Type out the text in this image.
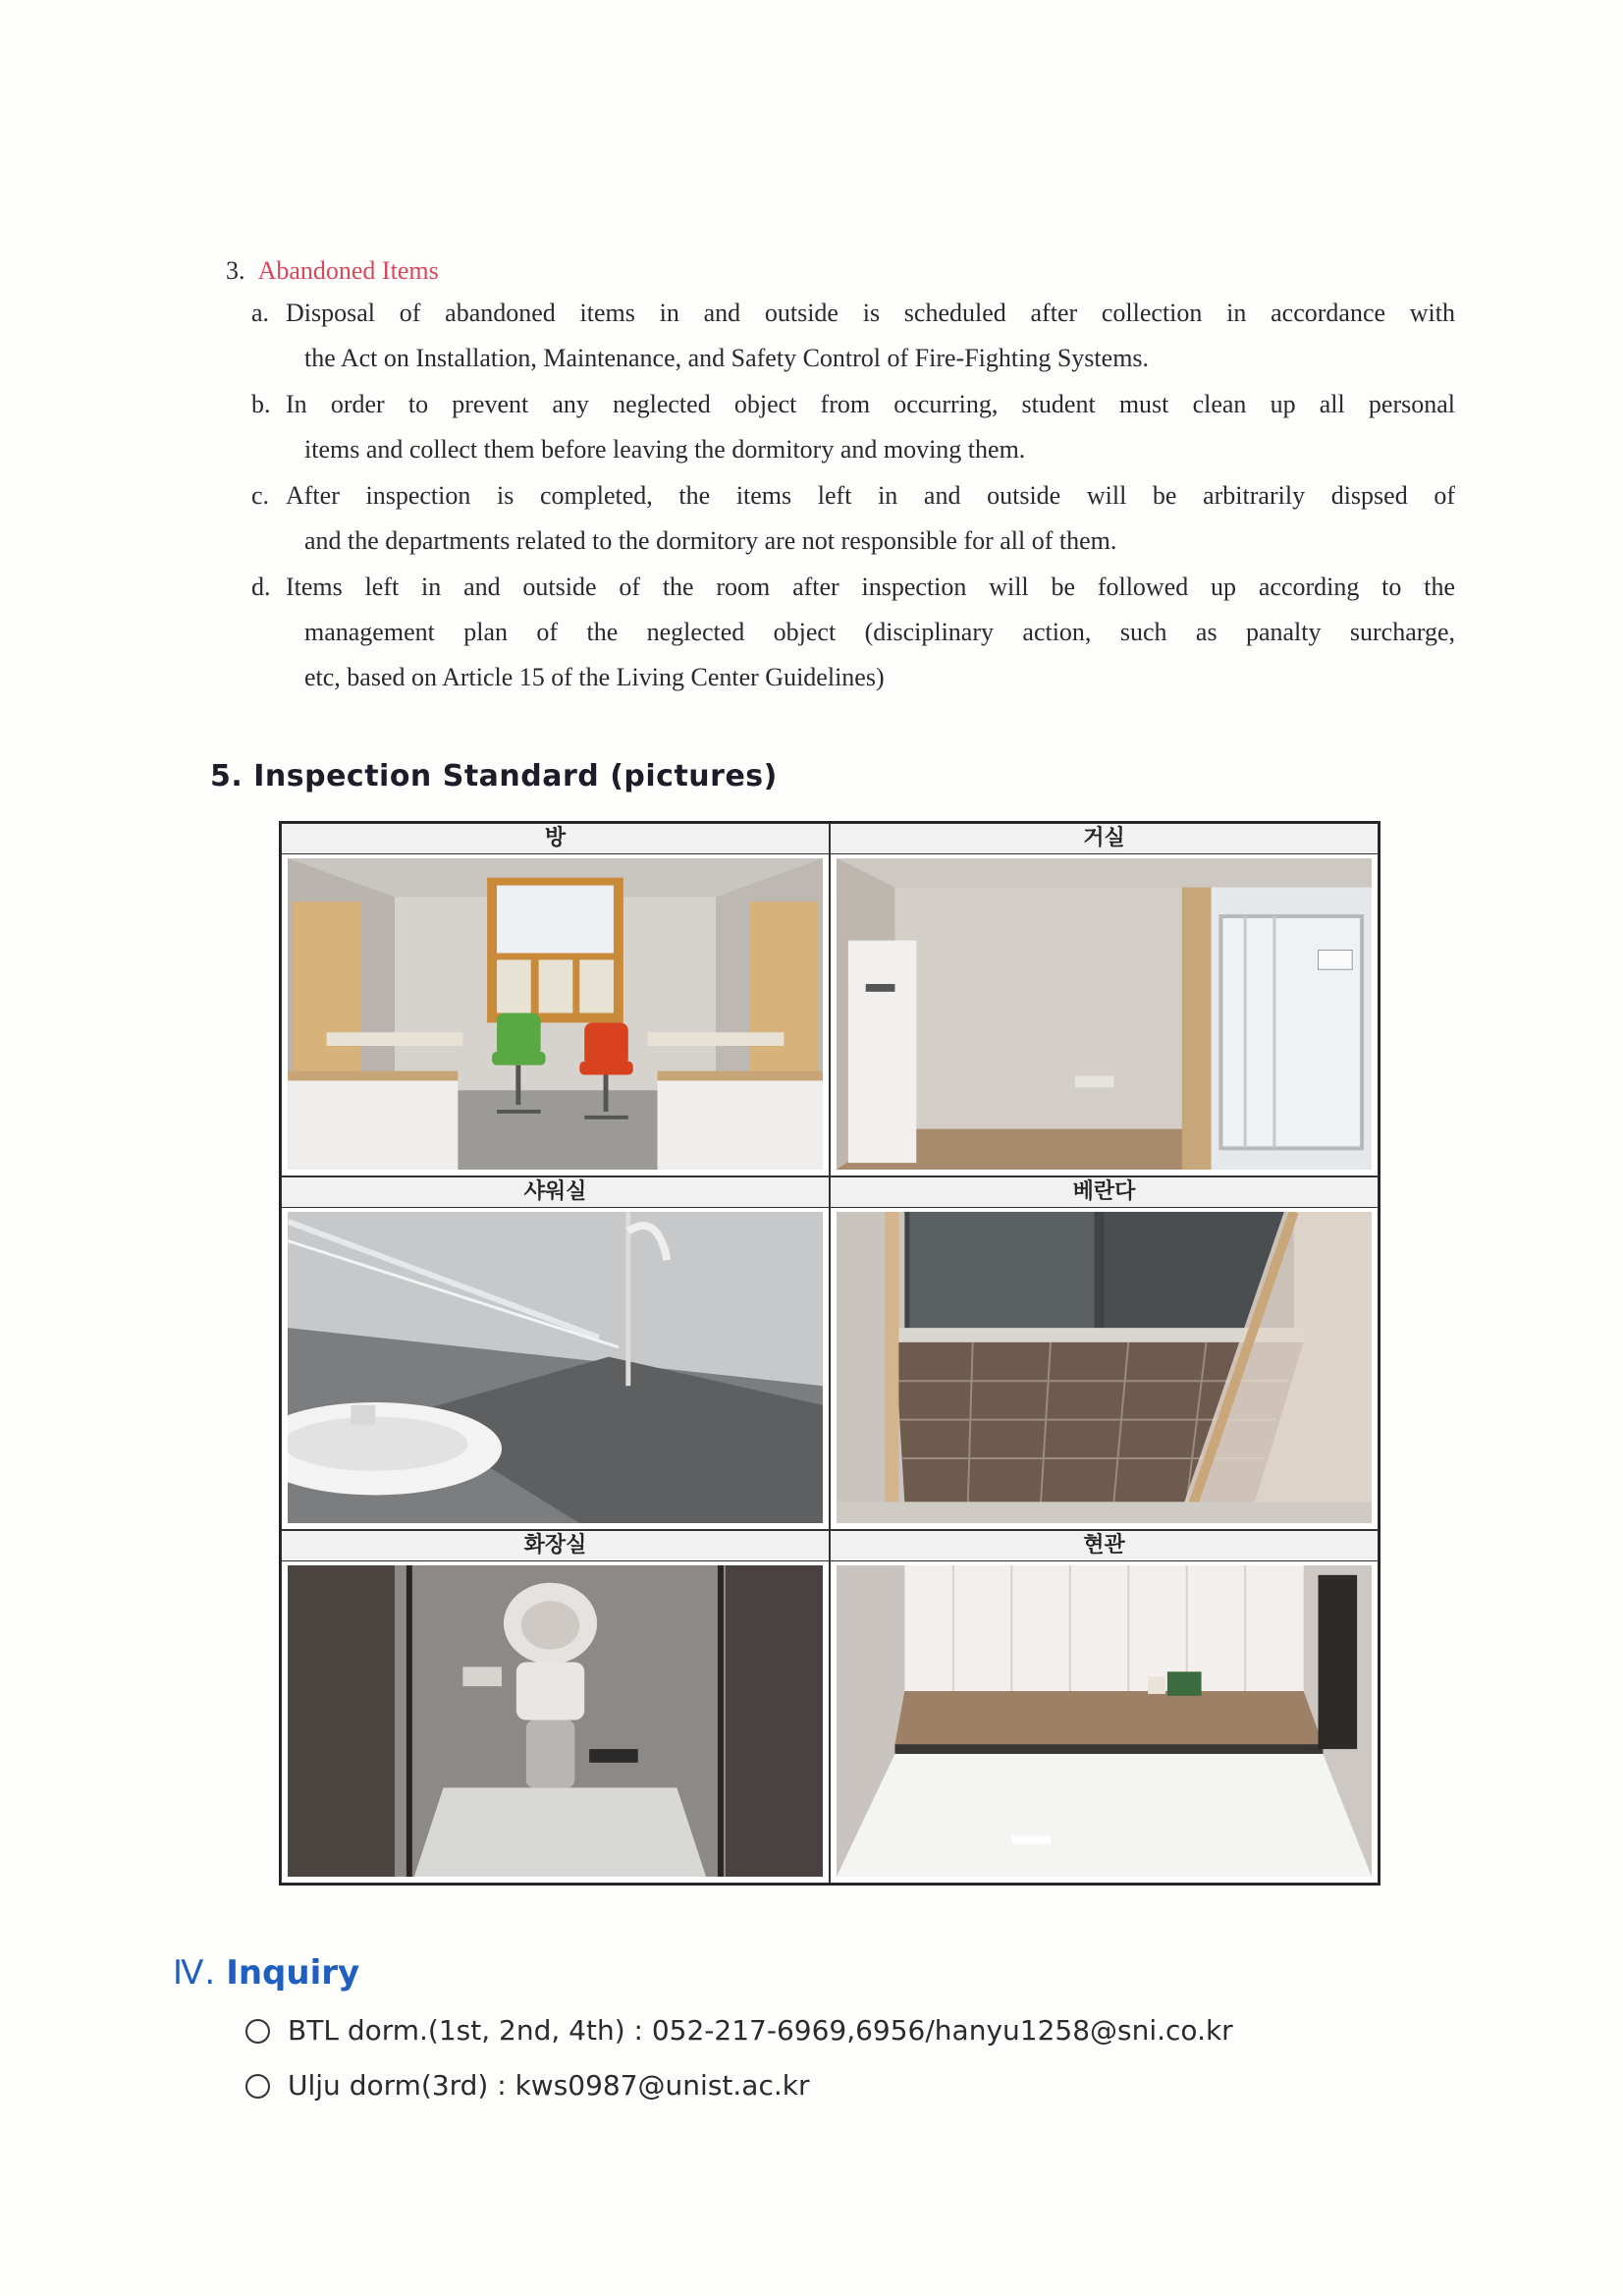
3. Abandoned Items
a. Disposal of abandoned items in and outside is scheduled after collection in accordance with
the Act on Installation, Maintenance, and Safety Control of Fire-Fighting Systems.
b. In order to prevent any neglected object from occurring, student must clean up all personal
items and collect them before leaving the dormitory and moving them.
c. After inspection is completed, the items left in and outside will be arbitrarily dispsed of
and the departments related to the dormitory are not responsible for all of them.
d. Items left in and outside of the room after inspection will be followed up according to the
management plan of the neglected object (disciplinary action, such as panalty surcharge,
etc, based on Article 15 of the Living Center Guidelines)
5. Inspection Standard (pictures)
방	거실
샤워실	베란다
화장실	현관
Ⅳ. Inquiry
BTL dorm.(1st, 2nd, 4th) : 052-217-6969,6956/hanyu1258@sni.co.kr
Ulju dorm(3rd) : kws0987@unist.ac.kr
